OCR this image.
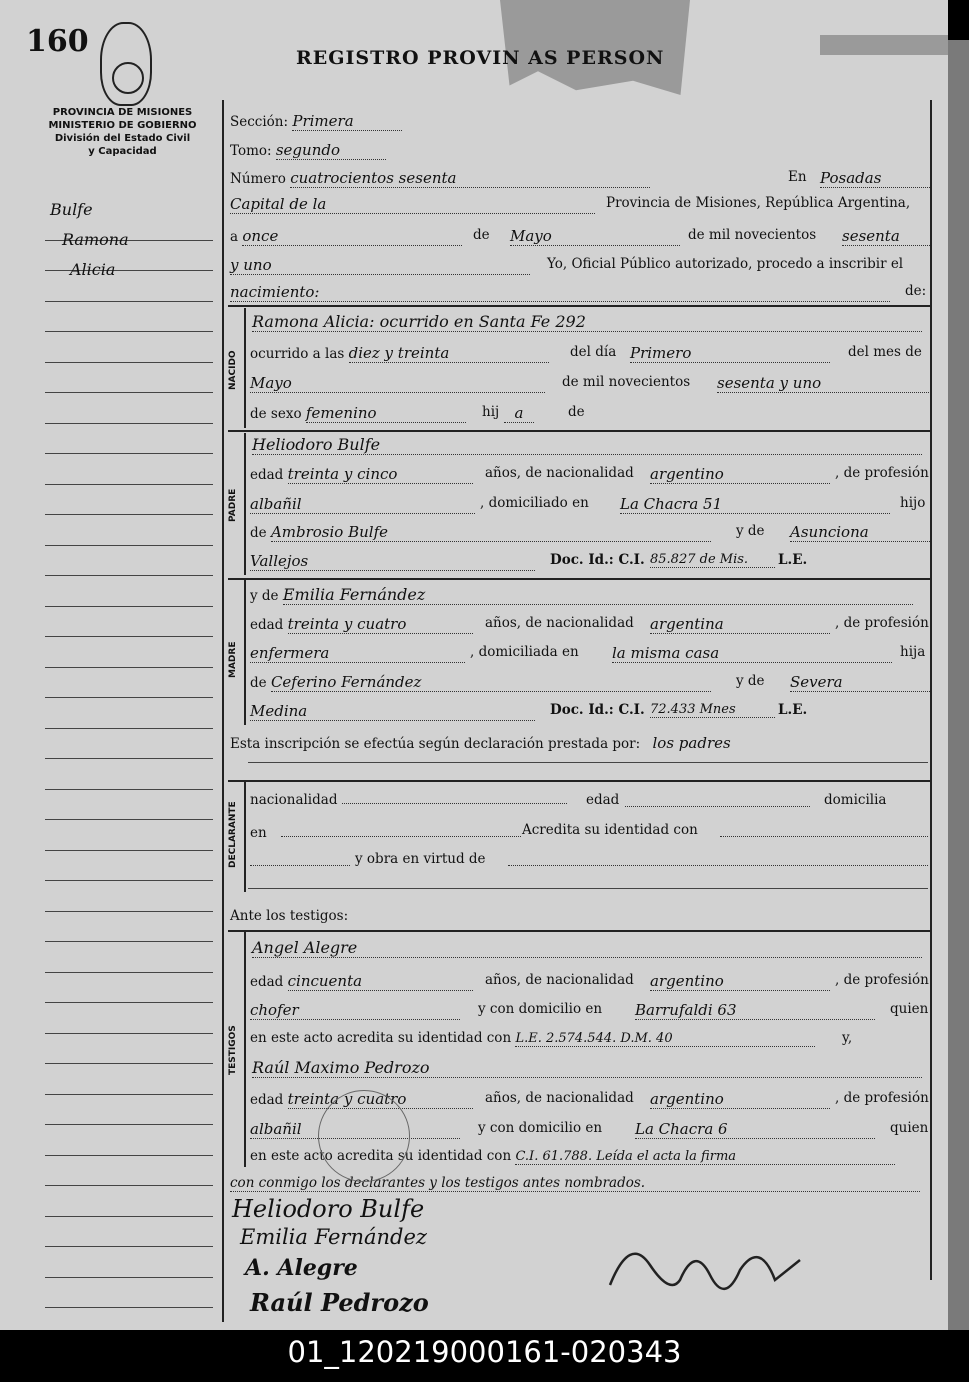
160	REGISTRO PROVIN AS PERSON
PROVINCIA DE MISIONES
MINISTERIO DE GOBIERNO
División del Estado Civil
y Capacidad
Bulfe
Ramona
Alicia
Sección: Primera
Tomo: segundo
Número cuatrocientos sesenta	En Posadas
Capital de la	Provincia de Misiones, República Argentina,
a once	de Mayo	de mil novecientos sesenta
y uno	Yo, Oficial Público autorizado, procedo a inscribir el
nacimiento:	de:
NACIDO
Ramona Alicia: ocurrido en Santa Fe 292
ocurrido a las diez y treinta	del día Primero	del mes de
Mayo	de mil novecientos sesenta y uno
de sexo femenino	hij	a	de
PADRE
Heliodoro Bulfe
edad treinta y cinco	años, de nacionalidad argentino	, de profesión
albañil	, domiciliado en La Chacra 51	hijo
de Ambrosio Bulfe	y de Asunciona
Vallejos	Doc. Id.: C.I. 85.827 de Mis.	L.E.
MADRE
y de Emilia Fernández
edad treinta y cuatro	años, de nacionalidad argentina	, de profesión
enfermera	, domiciliada en la misma casa	hija
de Ceferino Fernández	y de Severa
Medina	Doc. Id.: C.I. 72.433 Mnes	L.E.
Esta inscripción se efectúa según declaración prestada por: los padres
DECLARANTE
nacionalidad	edad	domicilia
en	Acredita su identidad con
y obra en virtud de
Ante los testigos:
TESTIGOS
Angel Alegre
edad cincuenta	años, de nacionalidad argentino	, de profesión
chofer	y con domicilio en Barrufaldi 63	quien
en este acto acredita su identidad con L.E. 2.574.544. D.M. 40	y,
Raúl Maximo Pedrozo
edad treinta y cuatro	años, de nacionalidad argentino	, de profesión
albañil	y con domicilio en La Chacra 6	quien
en este acto acredita su identidad con C.I. 61.788. Leída el acta la firma
con conmigo los declarantes y los testigos antes nombrados.
Heliodoro Bulfe
Emilia Fernández
A. Alegre
Raúl Pedrozo
01_120219000161-020343
